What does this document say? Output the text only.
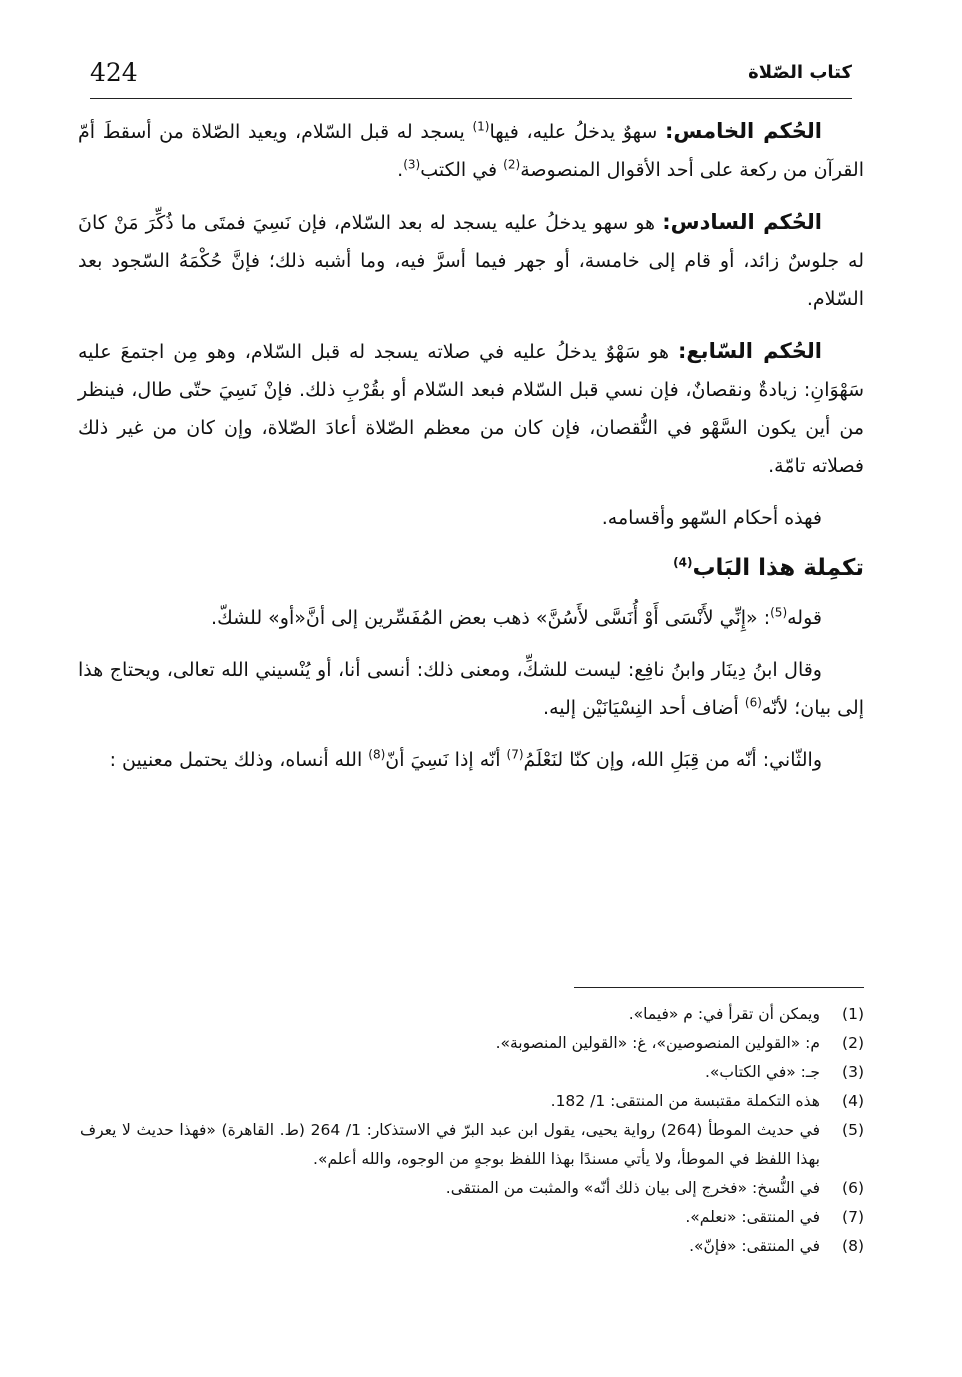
424	كتاب الصّلاة

الحُكم الخامس: سهوٌ يدخلُ عليه، فيها$^{(1)}$ يسجد له قبل السّلام، ويعيد الصّلاة من أسقطَ أمّ القرآن من ركعة على أحد الأقوال المنصوصة$^{(2)}$ في الكتب$^{(3)}$.

الحُكم السادس: هو سهو يدخلُ عليه يسجد له بعد السّلام، فإن نَسِيَ فمتَى ما ذُكِّرَ مَنْ كانَ له جلوسٌ زائد، أو قام إلى خامسة، أو جهر فيما أسرَّ فيه، وما أشبه ذلك؛ فإنَّ حُكْمَهُ السّجود بعد السّلام.

الحُكم السّابع: هو سَهْوٌ يدخلُ عليه في صلاته يسجد له قبل السّلام، وهو مِن اجتمعَ عليه سَهْوَانِ: زيادةٌ ونقصانٌ، فإن نسي قبل السّلام فبعد السّلام أو بقُرْبِ ذلك. فإنْ نَسِيَ حتّى طال، فينظر من أين يكون السَّهْو في النُّقصان، فإن كان من معظم الصّلاة أعادَ الصّلاة، وإن كان من غير ذلك فصلاته تامّة.

فهذه أحكام السّهو وأقسامه.

تكمِلة هذا البَاب$^{(4)}$

قوله$^{(5)}$: «إِنِّي لأَنْسَى أَوْ أُنَسَّى لأَسُنَّ» ذهب بعض المُفَسِّرين إلى أنَّ«أو» للشكّ.

وقال ابنُ دِينَار وابنُ نافِع: ليست للشكِّ، ومعنى ذلك: أنسى أنا، أو يُنْسيني الله تعالى، ويحتاج هذا إلى بيان؛ لأنّه$^{(6)}$ أضاف أحد النِسْيَانَيْن إليه.

والثّاني: أنّه من قِبَلِ الله، وإن كنّا لنَعْلَمُ$^{(7)}$ أنّه إذا نَسِيَ أنّ$^{(8)}$ الله أنساه، وذلك يحتمل معنيين :

(1)
ويمكن أن تقرأ في: م «فيما».
(2)
م: «القولين المنصوصين»، غ: «القولين المنصوبة».
(3)
جـ: «في الكتاب».
(4)
هذه التكملة مقتبسة من المنتقى: 1/ 182.
(5)
في حديث الموطأ (264) رواية يحيى، يقول ابن عبد البرّ في الاستذكار: 1/ 264 (ط. القاهرة) «فهذا حديث لا يعرف بهذا اللفظ في الموطأ، ولا يأتي مسندًا بهذا اللفظ بوجهٍ من الوجوه، والله أعلم».
(6)
في النُّسخ: «فخرج إلى بيان ذلك أنّه» والمثبت من المنتقى.
(7)
في المنتقى: «نعلم».
(8)
في المنتقى: «فإنّ».
